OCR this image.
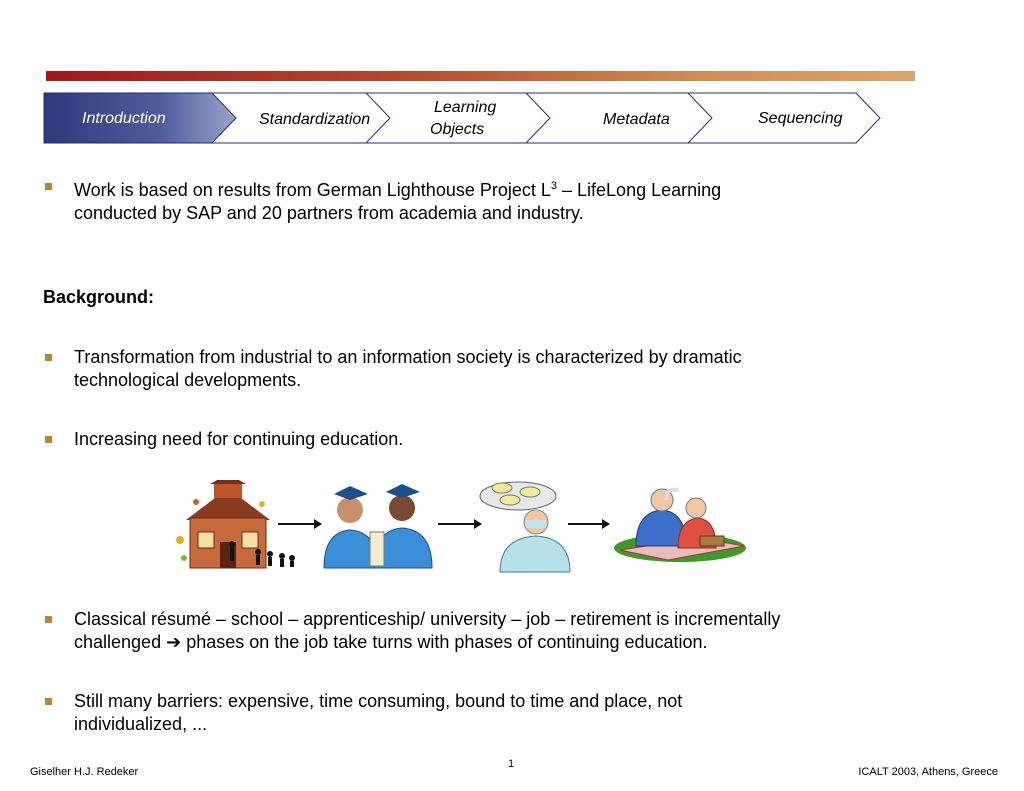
Introduction	Standardization
Learning
Objects
Metadata	Sequencing
Work is based on results from German Lighthouse Project $L^3$ – LifeLong Learning
conducted by SAP and 20 partners from academia and industry.
Background:
Transformation from industrial to an information society is characterized by dramatic
technological developments.
Increasing need for continuing education.
Classical résumé – school – apprenticeship/ university – job – retirement is incrementally
challenged ➔ phases on the job take turns with phases of continuing education.
Still many barriers: expensive, time consuming, bound to time and place, not
individualized, ...
Giselher H.J. Redeker
1
ICALT 2003, Athens, Greece
